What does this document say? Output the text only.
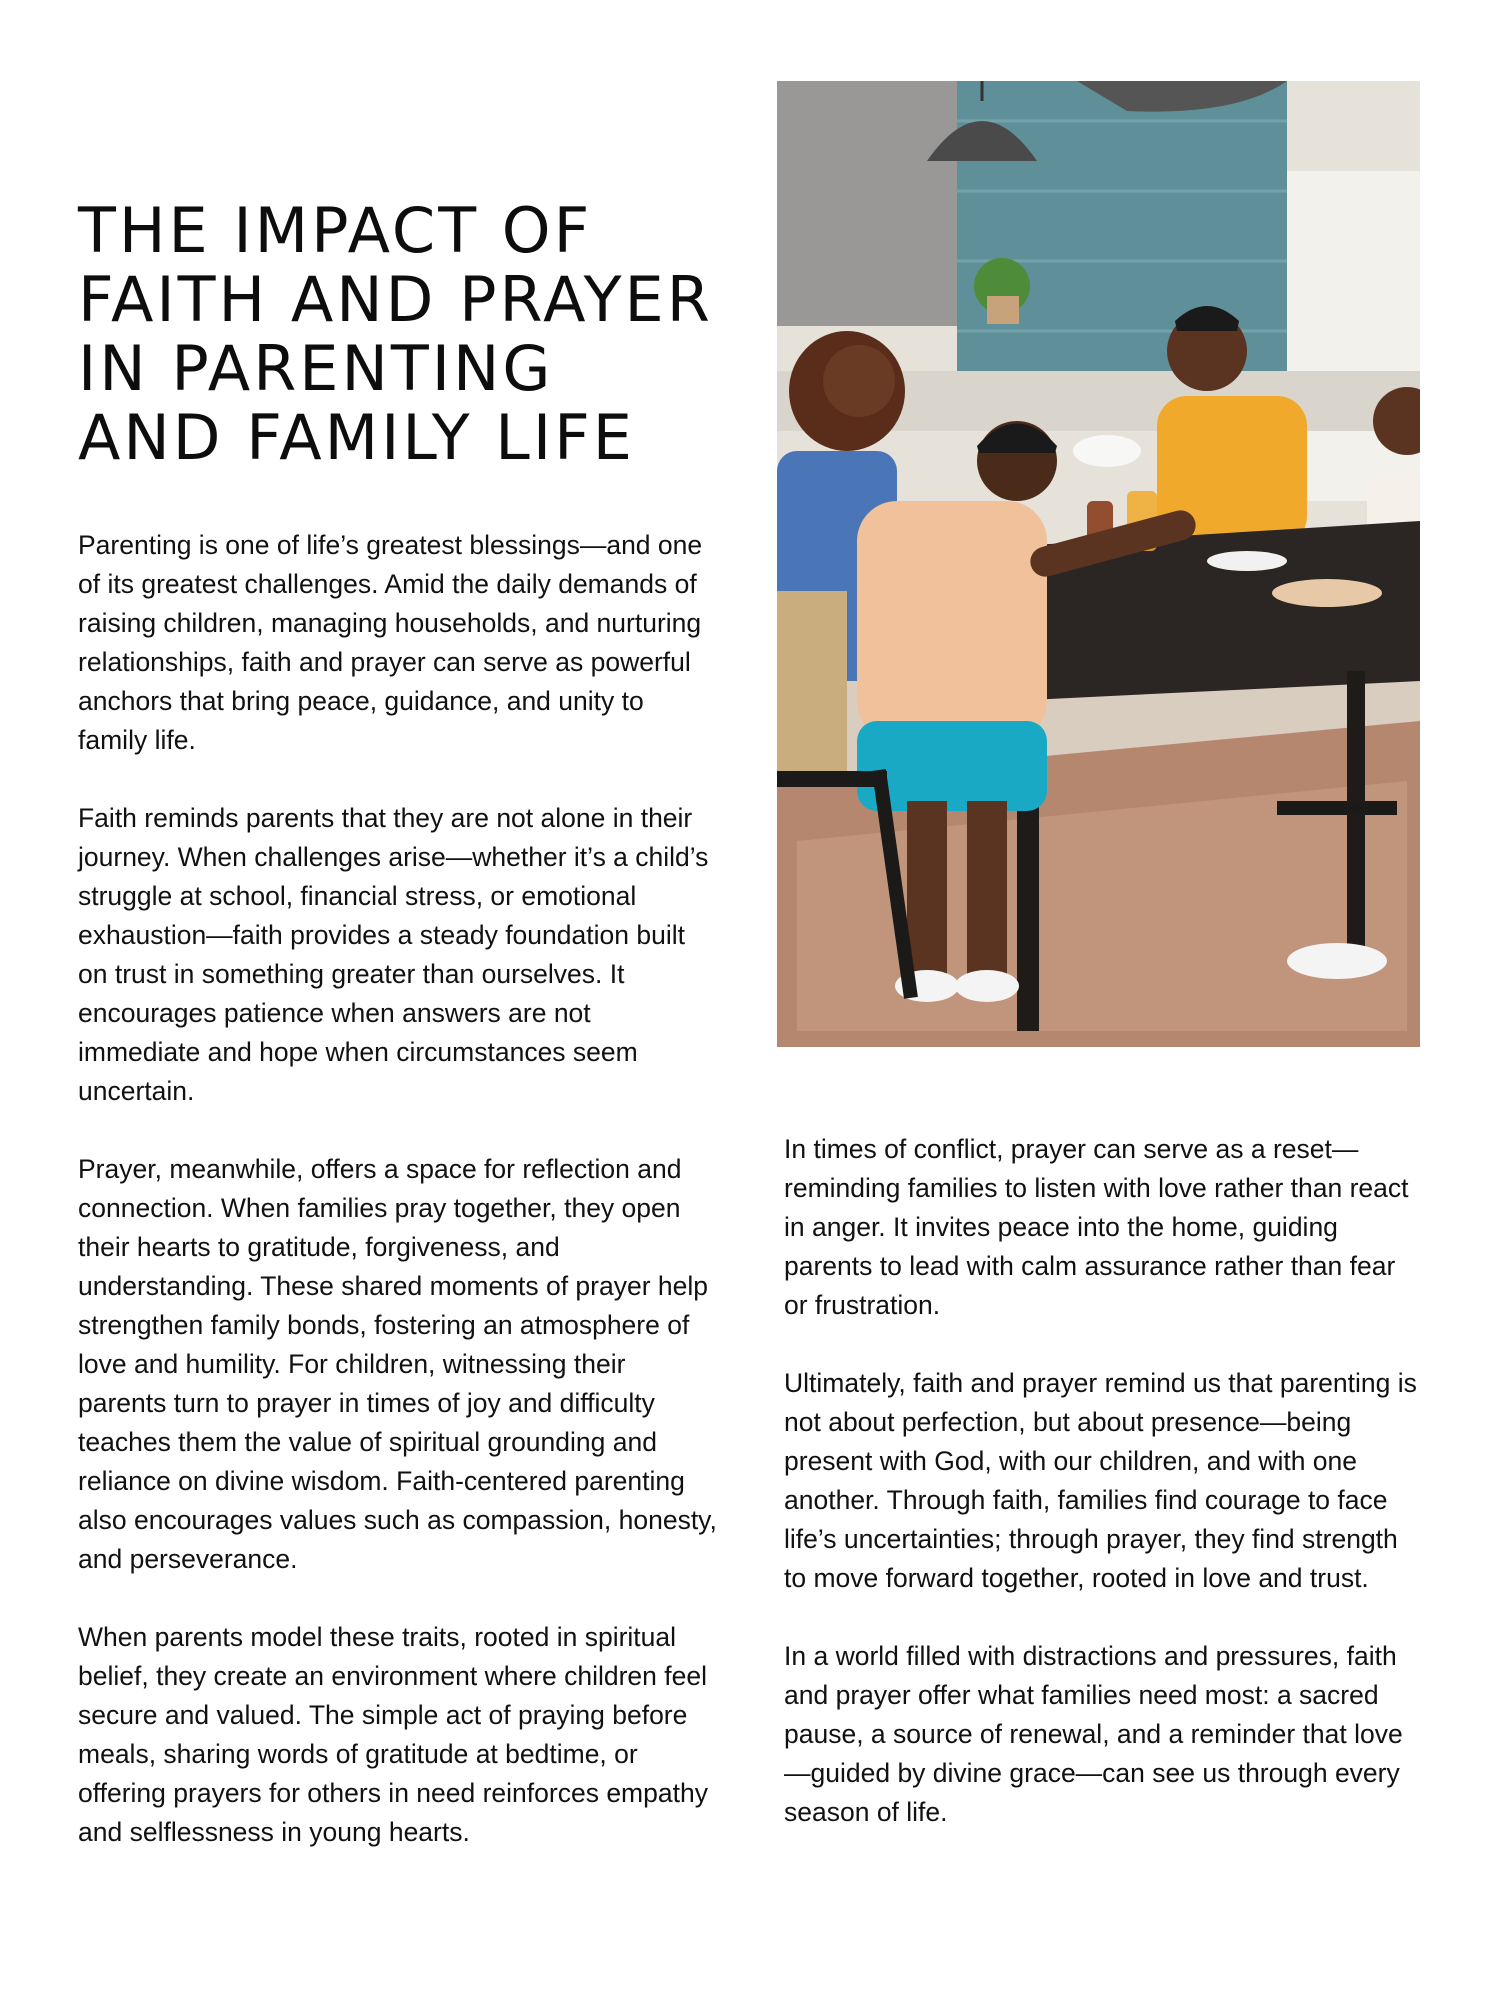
THE IMPACT OF
FAITH AND PRAYER
IN PARENTING
AND FAMILY LIFE

Parenting is one of life’s greatest blessings—and one of its greatest challenges. Amid the daily demands of raising children, managing households, and nurturing relationships, faith and prayer can serve as powerful anchors that bring peace, guidance, and unity to family life.

Faith reminds parents that they are not alone in their journey. When challenges arise—whether it’s a child’s struggle at school, financial stress, or emotional exhaustion—faith provides a steady foundation built on trust in something greater than ourselves. It encourages patience when answers are not immediate and hope when circumstances seem uncertain.

Prayer, meanwhile, offers a space for reflection and connection. When families pray together, they open their hearts to gratitude, forgiveness, and understanding. These shared moments of prayer help strengthen family bonds, fostering an atmosphere of love and humility. For children, witnessing their parents turn to prayer in times of joy and difficulty teaches them the value of spiritual grounding and reliance on divine wisdom. Faith-centered parenting also encourages values such as compassion, honesty, and perseverance.

When parents model these traits, rooted in spiritual belief, they create an environment where children feel secure and valued. The simple act of praying before meals, sharing words of gratitude at bedtime, or offering prayers for others in need reinforces empathy and selflessness in young hearts.

In times of conflict, prayer can serve as a reset—reminding families to listen with love rather than react in anger. It invites peace into the home, guiding parents to lead with calm assurance rather than fear or frustration.

Ultimately, faith and prayer remind us that parenting is not about perfection, but about presence—being present with God, with our children, and with one another. Through faith, families find courage to face life’s uncertainties; through prayer, they find strength to move forward together, rooted in love and trust.

In a world filled with distractions and pressures, faith and prayer offer what families need most: a sacred pause, a source of renewal, and a reminder that love—guided by divine grace—can see us through every season of life.
